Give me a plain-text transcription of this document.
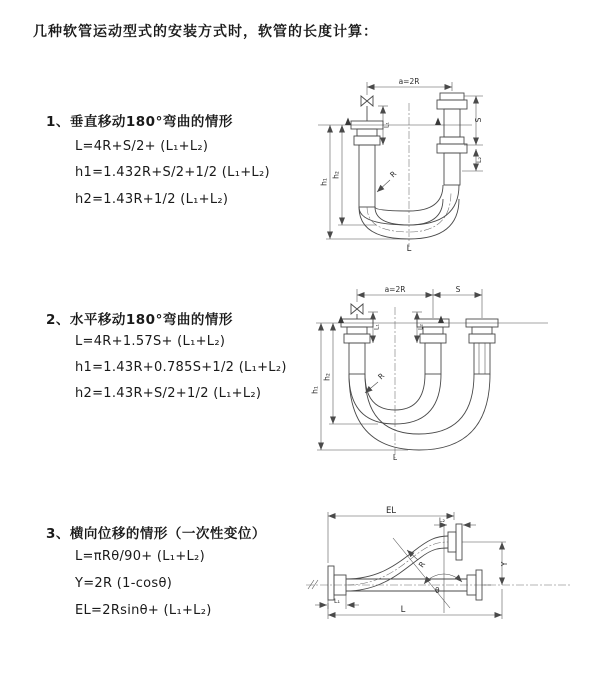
几种软管运动型式的安装方式时，软管的长度计算：
1、垂直移动180°弯曲的情形
L=4R+S/2+ (L₁+L₂)
h1=1.432R+S/2+1/2 (L₁+L₂)
h2=1.43R+1/2 (L₁+L₂)
a=2R
h₁
h₂
S
L₂
L₁
R
L
2、水平移动180°弯曲的情形
L=4R+1.57S+ (L₁+L₂)
h1=1.43R+0.785S+1/2 (L₁+L₂)
h2=1.43R+S/2+1/2 (L₁+L₂)
a=2R	S
h₁
h₂
L₁	L₂
R
L
3、横向位移的情形（一次性变位）
L=πRθ/90+ (L₁+L₂)
Y=2R (1-cosθ)
EL=2Rsinθ+ (L₁+L₂)
EL
L₂
Y
θ
R
L
L₁
